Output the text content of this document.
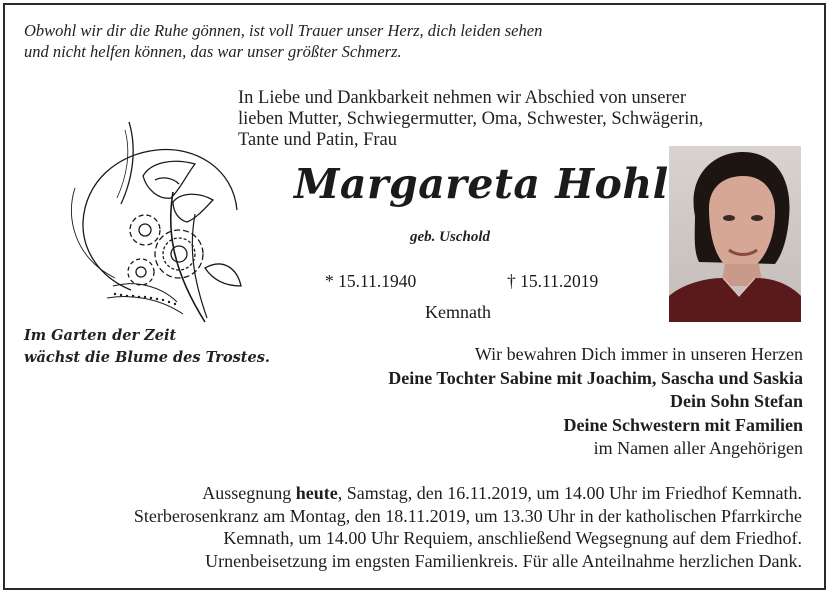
Obwohl wir dir die Ruhe gönnen, ist voll Trauer unser Herz, dich leiden sehen
und nicht helfen können, das war unser größter Schmerz.
In Liebe und Dankbarkeit nehmen wir Abschied von unserer
lieben Mutter, Schwiegermutter, Oma, Schwester, Schwägerin,
Tante und Patin, Frau
Margareta Hohl
geb. Uschold
* 15.11.1940	† 15.11.2019
Kemnath
Im Garten der Zeit
wächst die Blume des Trostes.	Wir bewahren Dich immer in unseren Herzen
Deine Tochter Sabine mit Joachim, Sascha und Saskia
Dein Sohn Stefan
Deine Schwestern mit Familien
im Namen aller Angehörigen
Aussegnung heute, Samstag, den 16.11.2019, um 14.00 Uhr im Friedhof Kemnath.
Sterberosenkranz am Montag, den 18.11.2019, um 13.30 Uhr in der katholischen Pfarrkirche
Kemnath, um 14.00 Uhr Requiem, anschließend Wegsegnung auf dem Friedhof.
Urnenbeisetzung im engsten Familienkreis. Für alle Anteilnahme herzlichen Dank.
